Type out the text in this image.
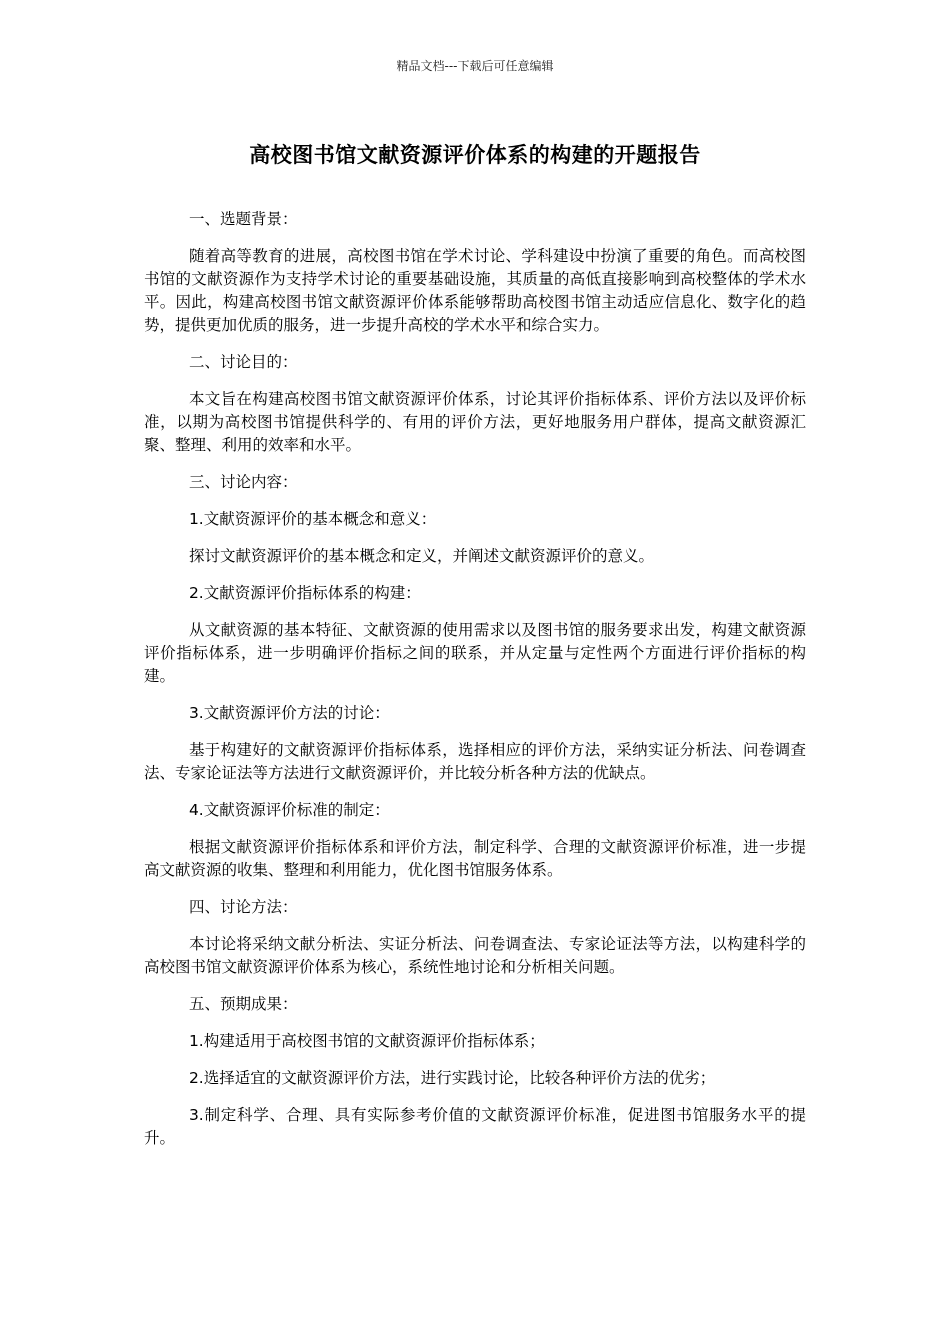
精品文档---下载后可任意编辑
高校图书馆文献资源评价体系的构建的开题报告

一、选题背景：

随着高等教育的进展，高校图书馆在学术讨论、学科建设中扮演了重要的角色。而高校图书馆的文献资源作为支持学术讨论的重要基础设施，其质量的高低直接影响到高校整体的学术水平。因此，构建高校图书馆文献资源评价体系能够帮助高校图书馆主动适应信息化、数字化的趋势，提供更加优质的服务，进一步提升高校的学术水平和综合实力。

二、讨论目的：

本文旨在构建高校图书馆文献资源评价体系，讨论其评价指标体系、评价方法以及评价标准，以期为高校图书馆提供科学的、有用的评价方法，更好地服务用户群体，提高文献资源汇聚、整理、利用的效率和水平。

三、讨论内容：

1.文献资源评价的基本概念和意义：

探讨文献资源评价的基本概念和定义，并阐述文献资源评价的意义。

2.文献资源评价指标体系的构建：

从文献资源的基本特征、文献资源的使用需求以及图书馆的服务要求出发，构建文献资源评价指标体系，进一步明确评价指标之间的联系，并从定量与定性两个方面进行评价指标的构建。

3.文献资源评价方法的讨论：

基于构建好的文献资源评价指标体系，选择相应的评价方法，采纳实证分析法、问卷调查法、专家论证法等方法进行文献资源评价，并比较分析各种方法的优缺点。

4.文献资源评价标准的制定：

根据文献资源评价指标体系和评价方法，制定科学、合理的文献资源评价标准，进一步提高文献资源的收集、整理和利用能力，优化图书馆服务体系。

四、讨论方法：

本讨论将采纳文献分析法、实证分析法、问卷调查法、专家论证法等方法，以构建科学的高校图书馆文献资源评价体系为核心，系统性地讨论和分析相关问题。

五、预期成果：

1.构建适用于高校图书馆的文献资源评价指标体系；

2.选择适宜的文献资源评价方法，进行实践讨论，比较各种评价方法的优劣；

3.制定科学、合理、具有实际参考价值的文献资源评价标准，促进图书馆服务水平的提升。
